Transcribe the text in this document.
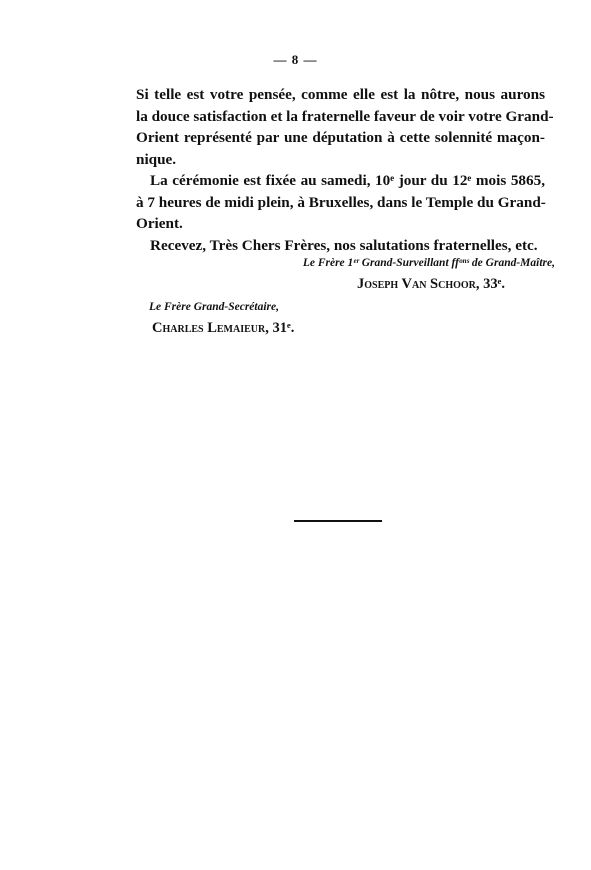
— 8 —

Si telle est votre pensée, comme elle est la nôtre, nous aurons
la douce satisfaction et la fraternelle faveur de voir votre Grand-
Orient représenté par une députation à cette solennité maçon-
nique.

La cérémonie est fixée au samedi, 10ᵉ jour du 12ᵉ mois 5865,
à 7 heures de midi plein, à Bruxelles, dans le Temple du Grand-
Orient.

Recevez, Très Chers Frères, nos salutations fraternelles, etc.

Le Frère 1ᵉʳ Grand-Surveillant ffᵒⁿˢ de Grand-Maître,
Joseph Van Schoor, 33ᵉ.
Le Frère Grand-Secrétaire,
Charles Lemaieur, 31ᵉ.
